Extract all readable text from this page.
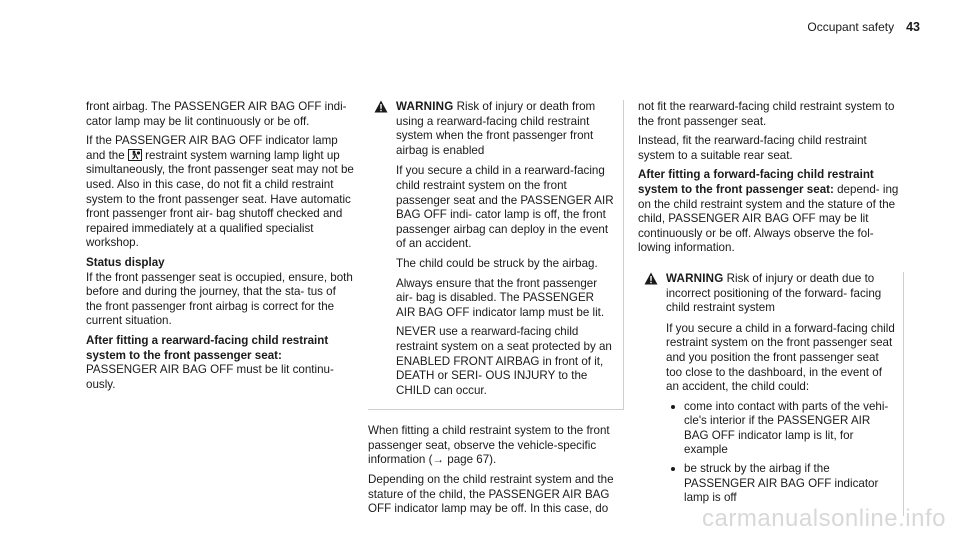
Occupant safety 43

front airbag. The PASSENGER AIR BAG OFF indi- cator lamp may be lit continuously or be off.

If the PASSENGER AIR BAG OFF indicator lamp and the restraint system warning lamp light up simultaneously, the front passenger seat may not be used. Also in this case, do not fit a child restraint system to the front passenger seat. Have automatic front passenger front air- bag shutoff checked and repaired immediately at a qualified specialist workshop.

Status display

If the front passenger seat is occupied, ensure, both before and during the journey, that the sta- tus of the front passenger front airbag is correct for the current situation.

After fitting a rearward-facing child restraint system to the front passenger seat:

PASSENGER AIR BAG OFF must be lit continu- ously.

WARNING Risk of injury or death from using a rearward-facing child restraint system when the front passenger front airbag is enabled

If you secure a child in a rearward-facing child restraint system on the front passenger seat and the PASSENGER AIR BAG OFF indi- cator lamp is off, the front passenger airbag can deploy in the event of an accident.

The child could be struck by the airbag.

Always ensure that the front passenger air- bag is disabled. The PASSENGER AIR BAG OFF indicator lamp must be lit.

NEVER use a rearward-facing child restraint system on a seat protected by an ENABLED FRONT AIRBAG in front of it, DEATH or SERI- OUS INJURY to the CHILD can occur.

When fitting a child restraint system to the front passenger seat, observe the vehicle-specific information (→ page 67).

Depending on the child restraint system and the stature of the child, the PASSENGER AIR BAG OFF indicator lamp may be off. In this case, do

not fit the rearward-facing child restraint system to the front passenger seat.

Instead, fit the rearward-facing child restraint system to a suitable rear seat.

After fitting a forward-facing child restraint system to the front passenger seat: depend- ing on the child restraint system and the stature of the child, PASSENGER AIR BAG OFF may be lit continuously or be off. Always observe the fol- lowing information.

WARNING Risk of injury or death due to incorrect positioning of the forward- facing child restraint system

If you secure a child in a forward-facing child restraint system on the front passenger seat and you position the front passenger seat too close to the dashboard, in the event of an accident, the child could:

come into contact with parts of the vehi- cle's interior if the PASSENGER AIR BAG OFF indicator lamp is lit, for example
be struck by the airbag if the PASSENGER AIR BAG OFF indicator lamp is off
carmanualsonline.info
